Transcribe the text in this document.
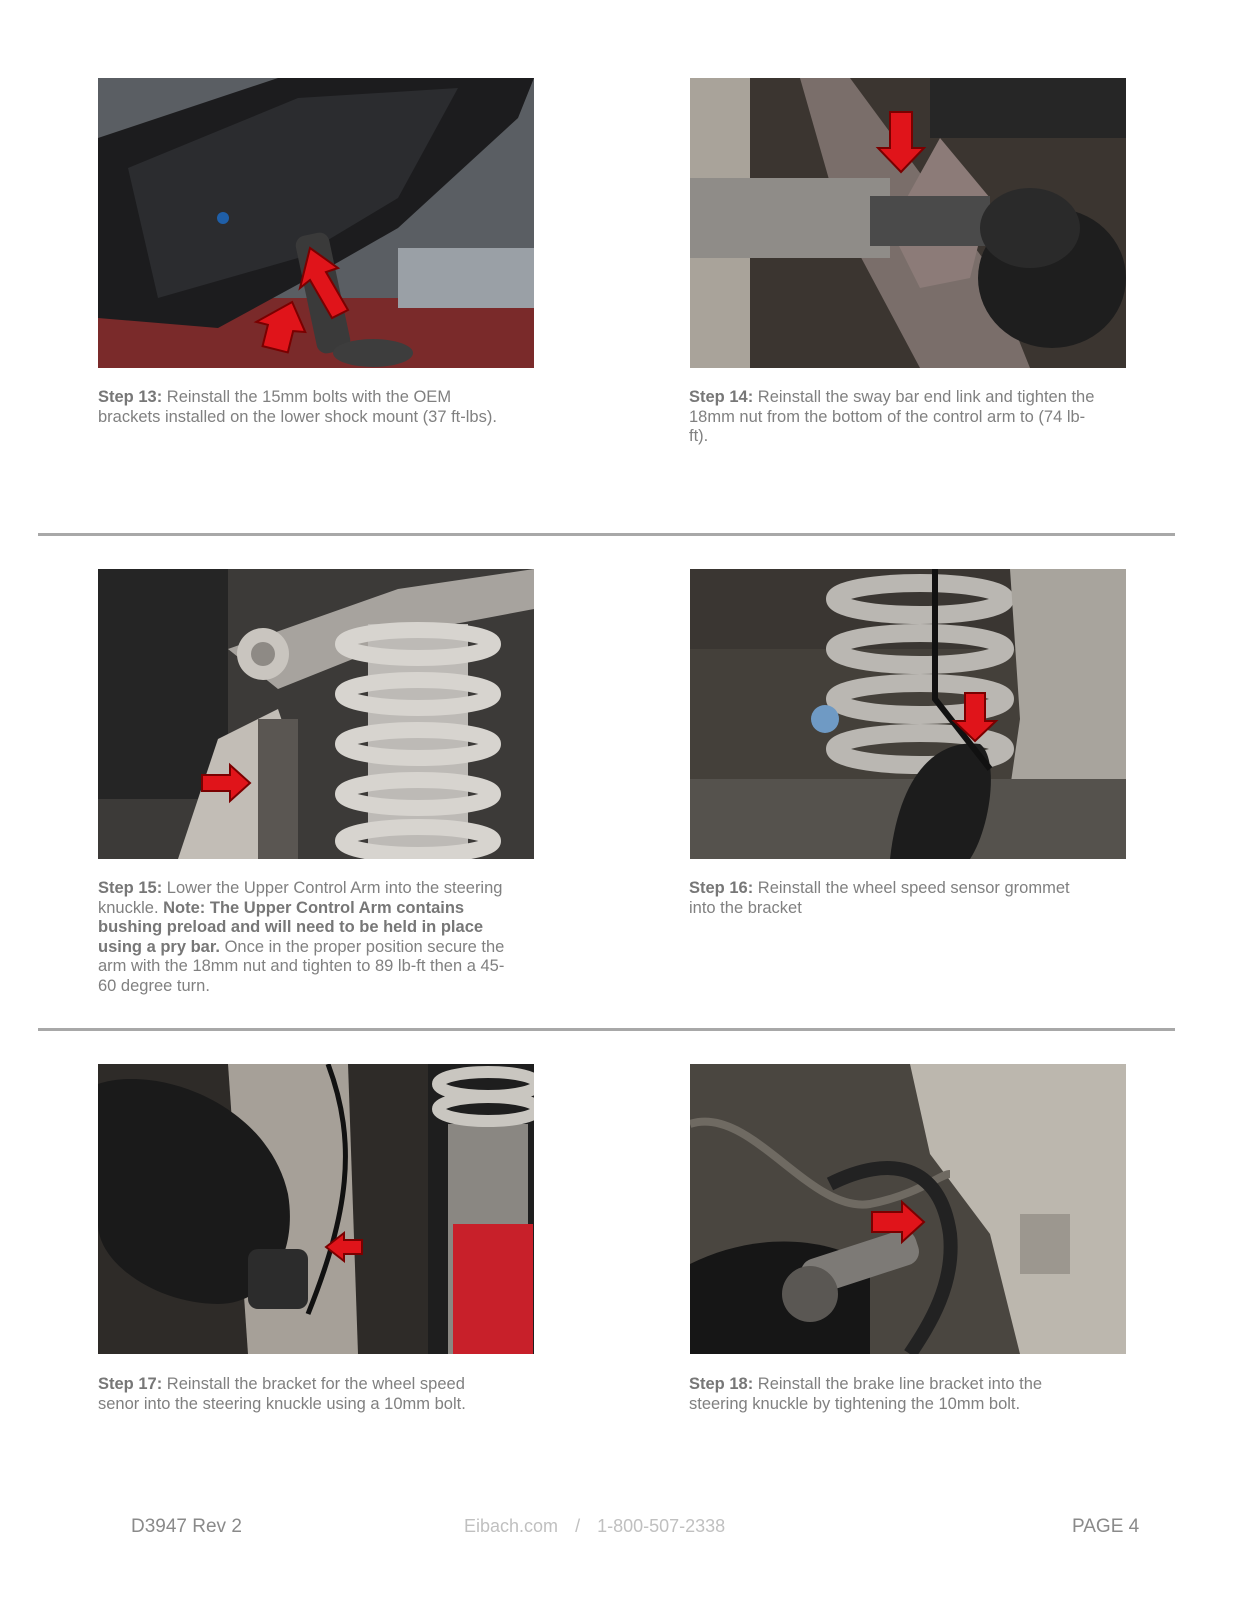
Step 13: Reinstall the 15mm bolts with the OEM brackets installed on the lower shock mount (37 ft-lbs).
Step 14: Reinstall the sway bar end link and tighten the 18mm nut from the bottom of the control arm to (74 lb-ft).
Step 15: Lower the Upper Control Arm into the steering knuckle. Note: The Upper Control Arm contains bushing preload and will need to be held in place using a pry bar. Once in the proper position secure the arm with the 18mm nut and tighten to 89 lb-ft then a 45-60 degree turn.
Step 16: Reinstall the wheel speed sensor grommet into the bracket
Step 17: Reinstall the bracket for the wheel speed senor into the steering knuckle using a 10mm bolt.
Step 18: Reinstall the brake line bracket into the steering knuckle by tightening the 10mm bolt.
D3947 Rev 2	Eibach.com / 1-800-507-2338	PAGE 4
